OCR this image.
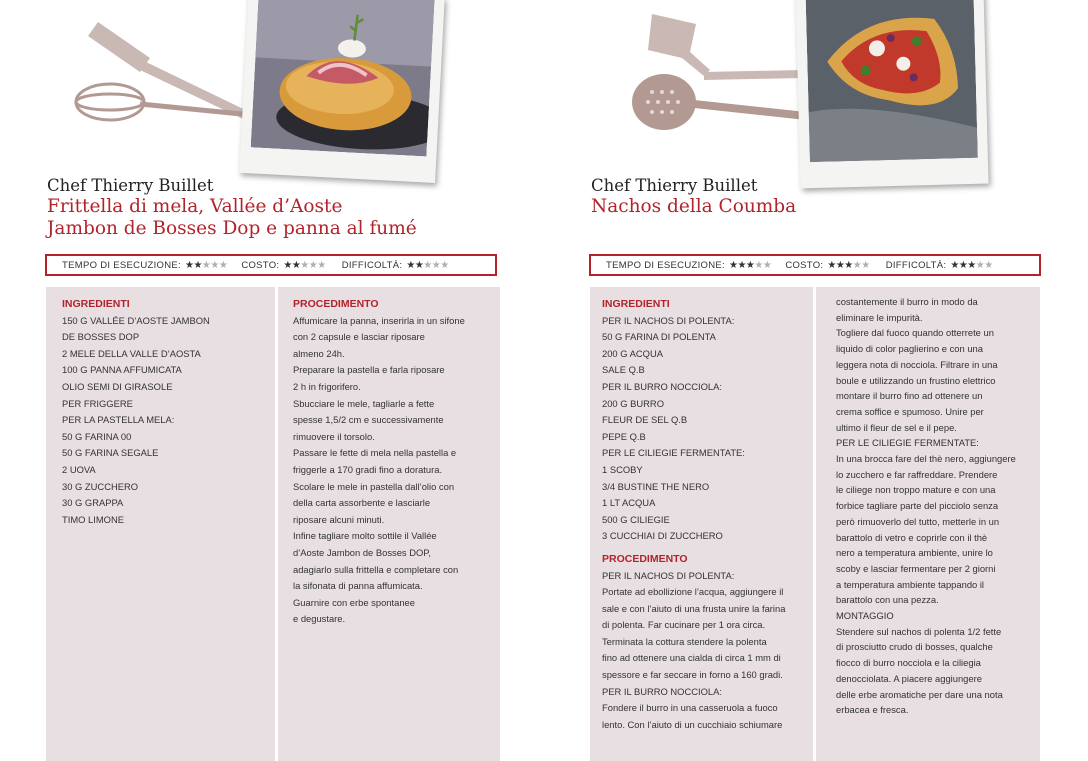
Chef Thierry Buillet
Frittella di mela, Vallée d’Aoste
Jambon de Bosses Dop e panna al fumé
TEMPO DI ESECUZIONE: ★★★★★ COSTO: ★★★★★ DIFFICOLTÀ: ★★★★★
INGREDIENTI
150 G VALLÉE D’AOSTE JAMBON
DE BOSSES DOP
2 MELE DELLA VALLE D’AOSTA
100 G PANNA AFFUMICATA
OLIO SEMI DI GIRASOLE
PER FRIGGERE
PER LA PASTELLA MELA:
50 G FARINA 00
50 G FARINA SEGALE
2 UOVA
30 G ZUCCHERO
30 G GRAPPA
TIMO LIMONE
PROCEDIMENTO
Affumicare la panna, inserirla in un sifone
con 2 capsule e lasciar riposare
almeno 24h.
Preparare la pastella e farla riposare
2 h in frigorifero.
Sbucciare le mele, tagliarle a fette
spesse 1,5/2 cm e successivamente
rimuovere il torsolo.
Passare le fette di mela nella pastella e
friggerle a 170 gradi fino a doratura.
Scolare le mele in pastella dall’olio con
della carta assorbente e lasciarle
riposare alcuni minuti.
Infine tagliare molto sottile il Vallée
d’Aoste Jambon de Bosses DOP,
adagiarlo sulla frittella e completare con
la sifonata di panna affumicata.
Guarnire con erbe spontanee
e degustare.
Chef Thierry Buillet
Nachos della Coumba
TEMPO DI ESECUZIONE: ★★★★★ COSTO: ★★★★★ DIFFICOLTÀ: ★★★★★
INGREDIENTI
PER IL NACHOS DI POLENTA:
50 G FARINA DI POLENTA
200 G ACQUA
SALE Q.B
PER IL BURRO NOCCIOLA:
200 G BURRO
FLEUR DE SEL Q.B
PEPE Q.B
PER LE CILIEGIE FERMENTATE:
1 SCOBY
3/4 BUSTINE THE NERO
1 LT ACQUA
500 G CILIEGIE
3 CUCCHIAI DI ZUCCHERO
PROCEDIMENTO
PER IL NACHOS DI POLENTA:
Portate ad ebollizione l’acqua, aggiungere il
sale e con l’aiuto di una frusta unire la farina
di polenta. Far cucinare per 1 ora circa.
Terminata la cottura stendere la polenta
fino ad ottenere una cialda di circa 1 mm di
spessore e far seccare in forno a 160 gradi.
PER IL BURRO NOCCIOLA:
Fondere il burro in una casseruola a fuoco
lento. Con l’aiuto di un cucchiaio schiumare
costantemente il burro in modo da
eliminare le impurità.
Togliere dal fuoco quando otterrete un
liquido di color paglierino e con una
leggera nota di nocciola. Filtrare in una
boule e utilizzando un frustino elettrico
montare il burro fino ad ottenere un
crema soffice e spumoso. Unire per
ultimo il fleur de sel e il pepe.
PER LE CILIEGIE FERMENTATE:
In una brocca fare del thè nero, aggiungere
lo zucchero e far raffreddare. Prendere
le ciliege non troppo mature e con una
forbice tagliare parte del picciolo senza
però rimuoverlo del tutto, metterle in un
barattolo di vetro e coprirle con il thè
nero a temperatura ambiente, unire lo
scoby e lasciar fermentare per 2 giorni
a temperatura ambiente tappando il
barattolo con una pezza.
MONTAGGIO
Stendere sul nachos di polenta 1/2 fette
di prosciutto crudo di bosses, qualche
fiocco di burro nocciola e la ciliegia
denocciolata. A piacere aggiungere
delle erbe aromatiche per dare una nota
erbacea e fresca.
